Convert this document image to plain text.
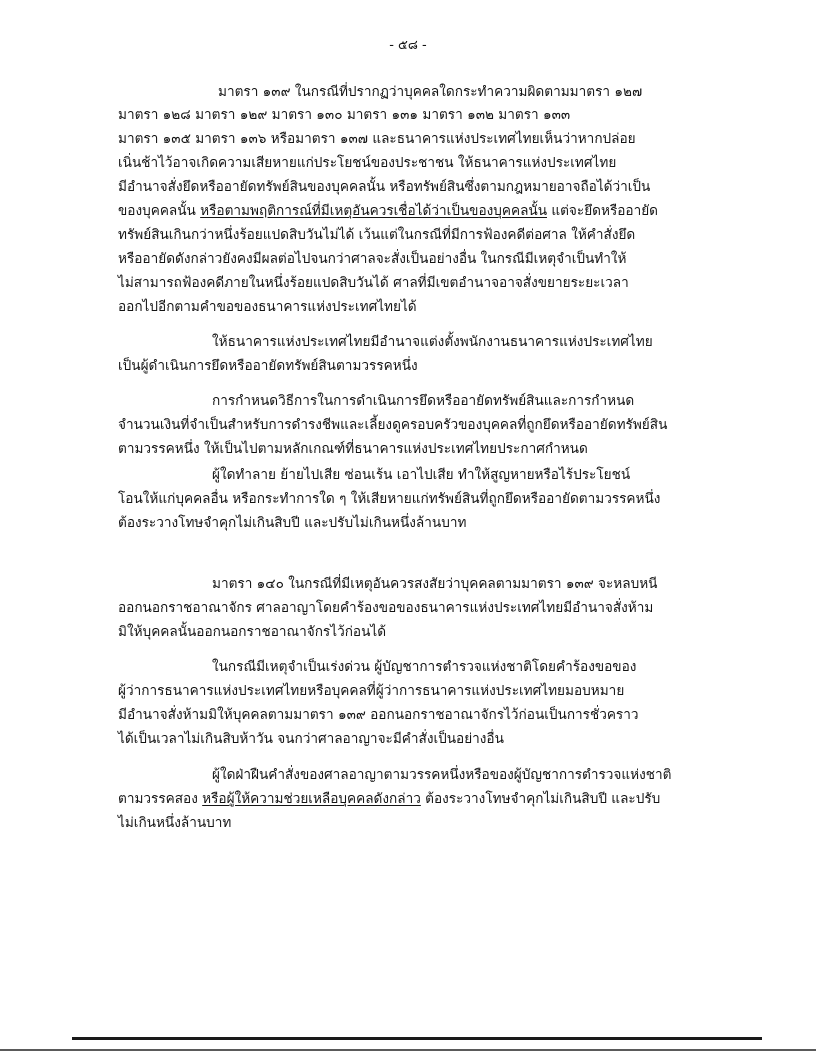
- ๕๘ -
มาตรา ๑๓๙ ในกรณีที่ปรากฏว่าบุคคลใดกระทำความผิดตามมาตรา ๑๒๗
มาตรา ๑๒๘ มาตรา ๑๒๙ มาตรา ๑๓๐ มาตรา ๑๓๑ มาตรา ๑๓๒ มาตรา ๑๓๓
มาตรา ๑๓๕ มาตรา ๑๓๖ หรือมาตรา ๑๓๗ และธนาคารแห่งประเทศไทยเห็นว่าหากปล่อย
เนิ่นช้าไว้อาจเกิดความเสียหายแก่ประโยชน์ของประชาชน ให้ธนาคารแห่งประเทศไทย
มีอำนาจสั่งยึดหรืออายัดทรัพย์สินของบุคคลนั้น หรือทรัพย์สินซึ่งตามกฎหมายอาจถือได้ว่าเป็น
ของบุคคลนั้น หรือตามพฤติการณ์ที่มีเหตุอันควรเชื่อได้ว่าเป็นของบุคคลนั้น แต่จะยึดหรืออายัด
ทรัพย์สินเกินกว่าหนึ่งร้อยแปดสิบวันไม่ได้ เว้นแต่ในกรณีที่มีการฟ้องคดีต่อศาล ให้คำสั่งยึด
หรืออายัดดังกล่าวยังคงมีผลต่อไปจนกว่าศาลจะสั่งเป็นอย่างอื่น ในกรณีมีเหตุจำเป็นทำให้
ไม่สามารถฟ้องคดีภายในหนึ่งร้อยแปดสิบวันได้ ศาลที่มีเขตอำนาจอาจสั่งขยายระยะเวลา
ออกไปอีกตามคำขอของธนาคารแห่งประเทศไทยได้
ให้ธนาคารแห่งประเทศไทยมีอำนาจแต่งตั้งพนักงานธนาคารแห่งประเทศไทย
เป็นผู้ดำเนินการยึดหรืออายัดทรัพย์สินตามวรรคหนึ่ง
การกำหนดวิธีการในการดำเนินการยึดหรืออายัดทรัพย์สินและการกำหนด
จำนวนเงินที่จำเป็นสำหรับการดำรงชีพและเลี้ยงดูครอบครัวของบุคคลที่ถูกยึดหรืออายัดทรัพย์สิน
ตามวรรคหนึ่ง ให้เป็นไปตามหลักเกณฑ์ที่ธนาคารแห่งประเทศไทยประกาศกำหนด
ผู้ใดทำลาย ย้ายไปเสีย ซ่อนเร้น เอาไปเสีย ทำให้สูญหายหรือไร้ประโยชน์
โอนให้แก่บุคคลอื่น หรือกระทำการใด ๆ ให้เสียหายแก่ทรัพย์สินที่ถูกยึดหรืออายัดตามวรรคหนึ่ง
ต้องระวางโทษจำคุกไม่เกินสิบปี และปรับไม่เกินหนึ่งล้านบาท
มาตรา ๑๔๐ ในกรณีที่มีเหตุอันควรสงสัยว่าบุคคลตามมาตรา ๑๓๙ จะหลบหนี
ออกนอกราชอาณาจักร ศาลอาญาโดยคำร้องขอของธนาคารแห่งประเทศไทยมีอำนาจสั่งห้าม
มิให้บุคคลนั้นออกนอกราชอาณาจักรไว้ก่อนได้
ในกรณีมีเหตุจำเป็นเร่งด่วน ผู้บัญชาการตำรวจแห่งชาติโดยคำร้องขอของ
ผู้ว่าการธนาคารแห่งประเทศไทยหรือบุคคลที่ผู้ว่าการธนาคารแห่งประเทศไทยมอบหมาย
มีอำนาจสั่งห้ามมิให้บุคคลตามมาตรา ๑๓๙ ออกนอกราชอาณาจักรไว้ก่อนเป็นการชั่วคราว
ได้เป็นเวลาไม่เกินสิบห้าวัน จนกว่าศาลอาญาจะมีคำสั่งเป็นอย่างอื่น
ผู้ใดฝ่าฝืนคำสั่งของศาลอาญาตามวรรคหนึ่งหรือของผู้บัญชาการตำรวจแห่งชาติ
ตามวรรคสอง หรือผู้ให้ความช่วยเหลือบุคคลดังกล่าว ต้องระวางโทษจำคุกไม่เกินสิบปี และปรับ
ไม่เกินหนึ่งล้านบาท
